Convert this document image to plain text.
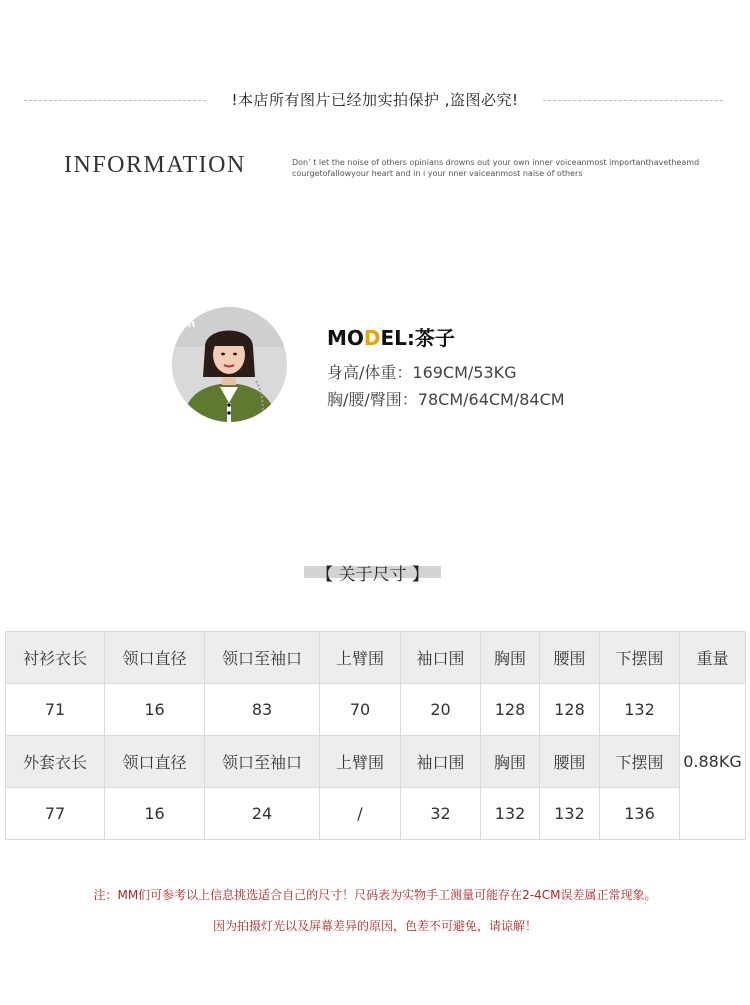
!本店所有图片已经加实拍保护 ,盗图必究!
INFORMATION	Don’ t let the noise of others opinians drowns out your own inner voiceanmost importanthavetheamd
courgetofallowyour heart and in i your nner vaiceanmost naise of others
on
MODEL:茶子
身高/体重：169CM/53KG
胸/腰/臀围：78CM/64CM/84CM
【 关于尺寸 】
衬衫衣长	领口直径	领口至袖口	上臂围	袖口围	胸围	腰围	下摆围	重量
71	16	83	70	20	128	128	132	0.88KG
外套衣长	领口直径	领口至袖口	上臂围	袖口围	胸围	腰围	下摆围	
77	16	24	/	32	132	132	136	
注：MM们可参考以上信息挑选适合自己的尺寸！尺码表为实物手工测量可能存在2-4CM误差属正常现象。
因为拍摄灯光以及屏幕差异的原因，色差不可避免，请谅解！
